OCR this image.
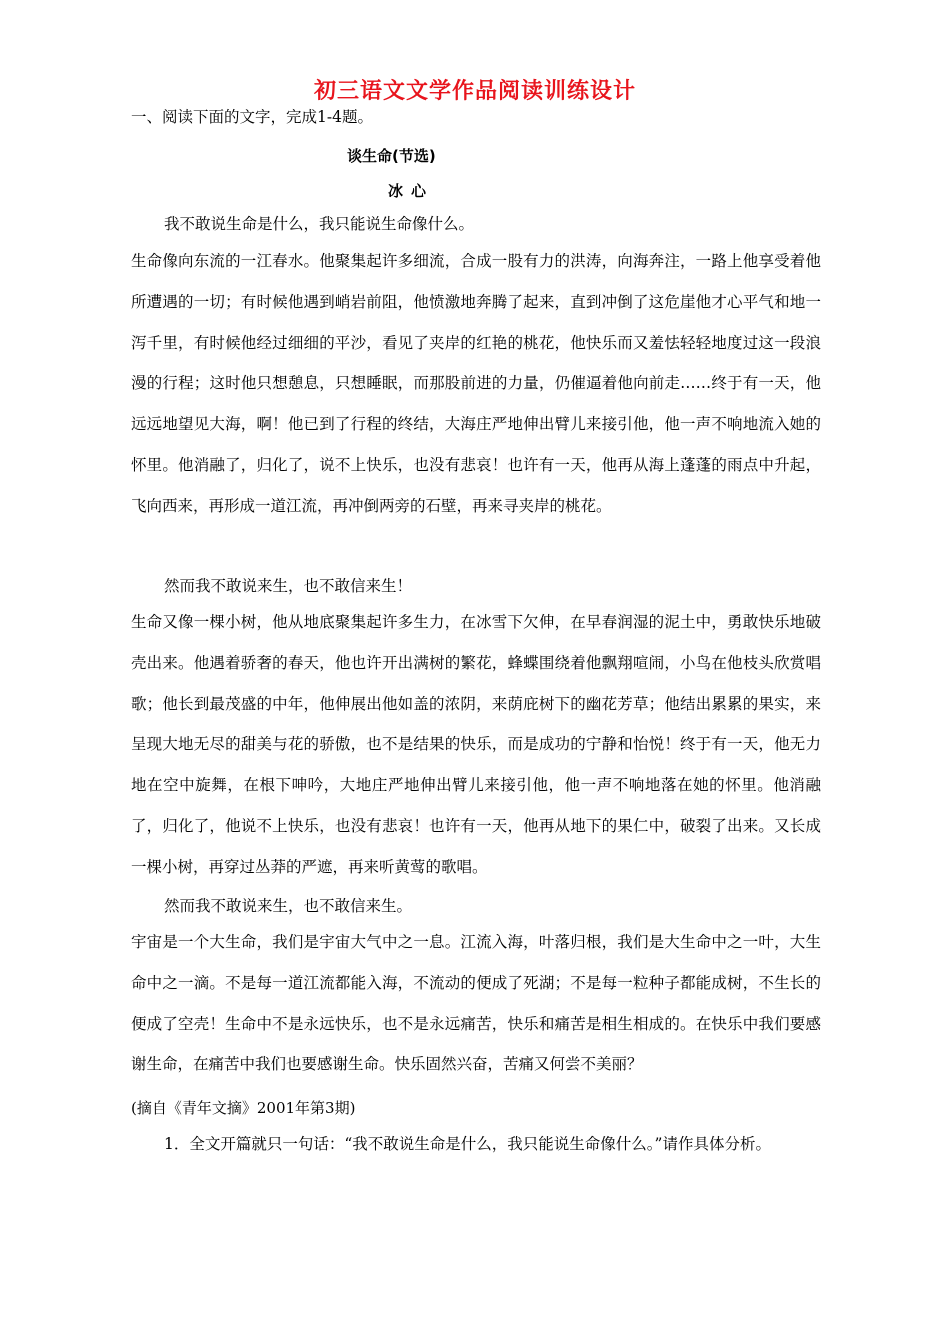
初三语文文学作品阅读训练设计
一、阅读下面的文字，完成1-4题。
谈生命(节选)
冰心

我不敢说生命是什么，我只能说生命像什么。

生命像向东流的一江春水。他聚集起许多细流，合成一股有力的洪涛，向海奔注，一路上他享受着他所遭遇的一切；有时候他遇到峭岩前阻，他愤激地奔腾了起来，直到冲倒了这危崖他才心平气和地一泻千里，有时候他经过细细的平沙，看见了夹岸的红艳的桃花，他快乐而又羞怯轻轻地度过这一段浪漫的行程；这时他只想憩息，只想睡眠，而那股前进的力量，仍催逼着他向前走……终于有一天，他远远地望见大海，啊！他已到了行程的终结，大海庄严地伸出臂儿来接引他，他一声不响地流入她的怀里。他消融了，归化了，说不上快乐，也没有悲哀！也许有一天，他再从海上蓬蓬的雨点中升起，飞向西来，再形成一道江流，再冲倒两旁的石壁，再来寻夹岸的桃花。

然而我不敢说来生，也不敢信来生！

生命又像一棵小树，他从地底聚集起许多生力，在冰雪下欠伸，在早春润湿的泥土中，勇敢快乐地破壳出来。他遇着骄奢的春天，他也许开出满树的繁花，蜂蝶围绕着他飘翔喧闹，小鸟在他枝头欣赏唱歌；他长到最茂盛的中年，他伸展出他如盖的浓阴，来荫庇树下的幽花芳草；他结出累累的果实，来呈现大地无尽的甜美与花的骄傲，也不是结果的快乐，而是成功的宁静和怡悦！终于有一天，他无力地在空中旋舞，在根下呻吟，大地庄严地伸出臂儿来接引他，他一声不响地落在她的怀里。他消融了，归化了，他说不上快乐，也没有悲哀！也许有一天，他再从地下的果仁中，破裂了出来。又长成一棵小树，再穿过丛莽的严遮，再来听黄莺的歌唱。

然而我不敢说来生，也不敢信来生。

宇宙是一个大生命，我们是宇宙大气中之一息。江流入海，叶落归根，我们是大生命中之一叶，大生命中之一滴。不是每一道江流都能入海，不流动的便成了死湖；不是每一粒种子都能成树，不生长的便成了空壳！生命中不是永远快乐，也不是永远痛苦，快乐和痛苦是相生相成的。在快乐中我们要感谢生命，在痛苦中我们也要感谢生命。快乐固然兴奋，苦痛又何尝不美丽？

(摘自《青年文摘》2001年第3期)

1．全文开篇就只一句话：“我不敢说生命是什么，我只能说生命像什么。”请作具体分析。
